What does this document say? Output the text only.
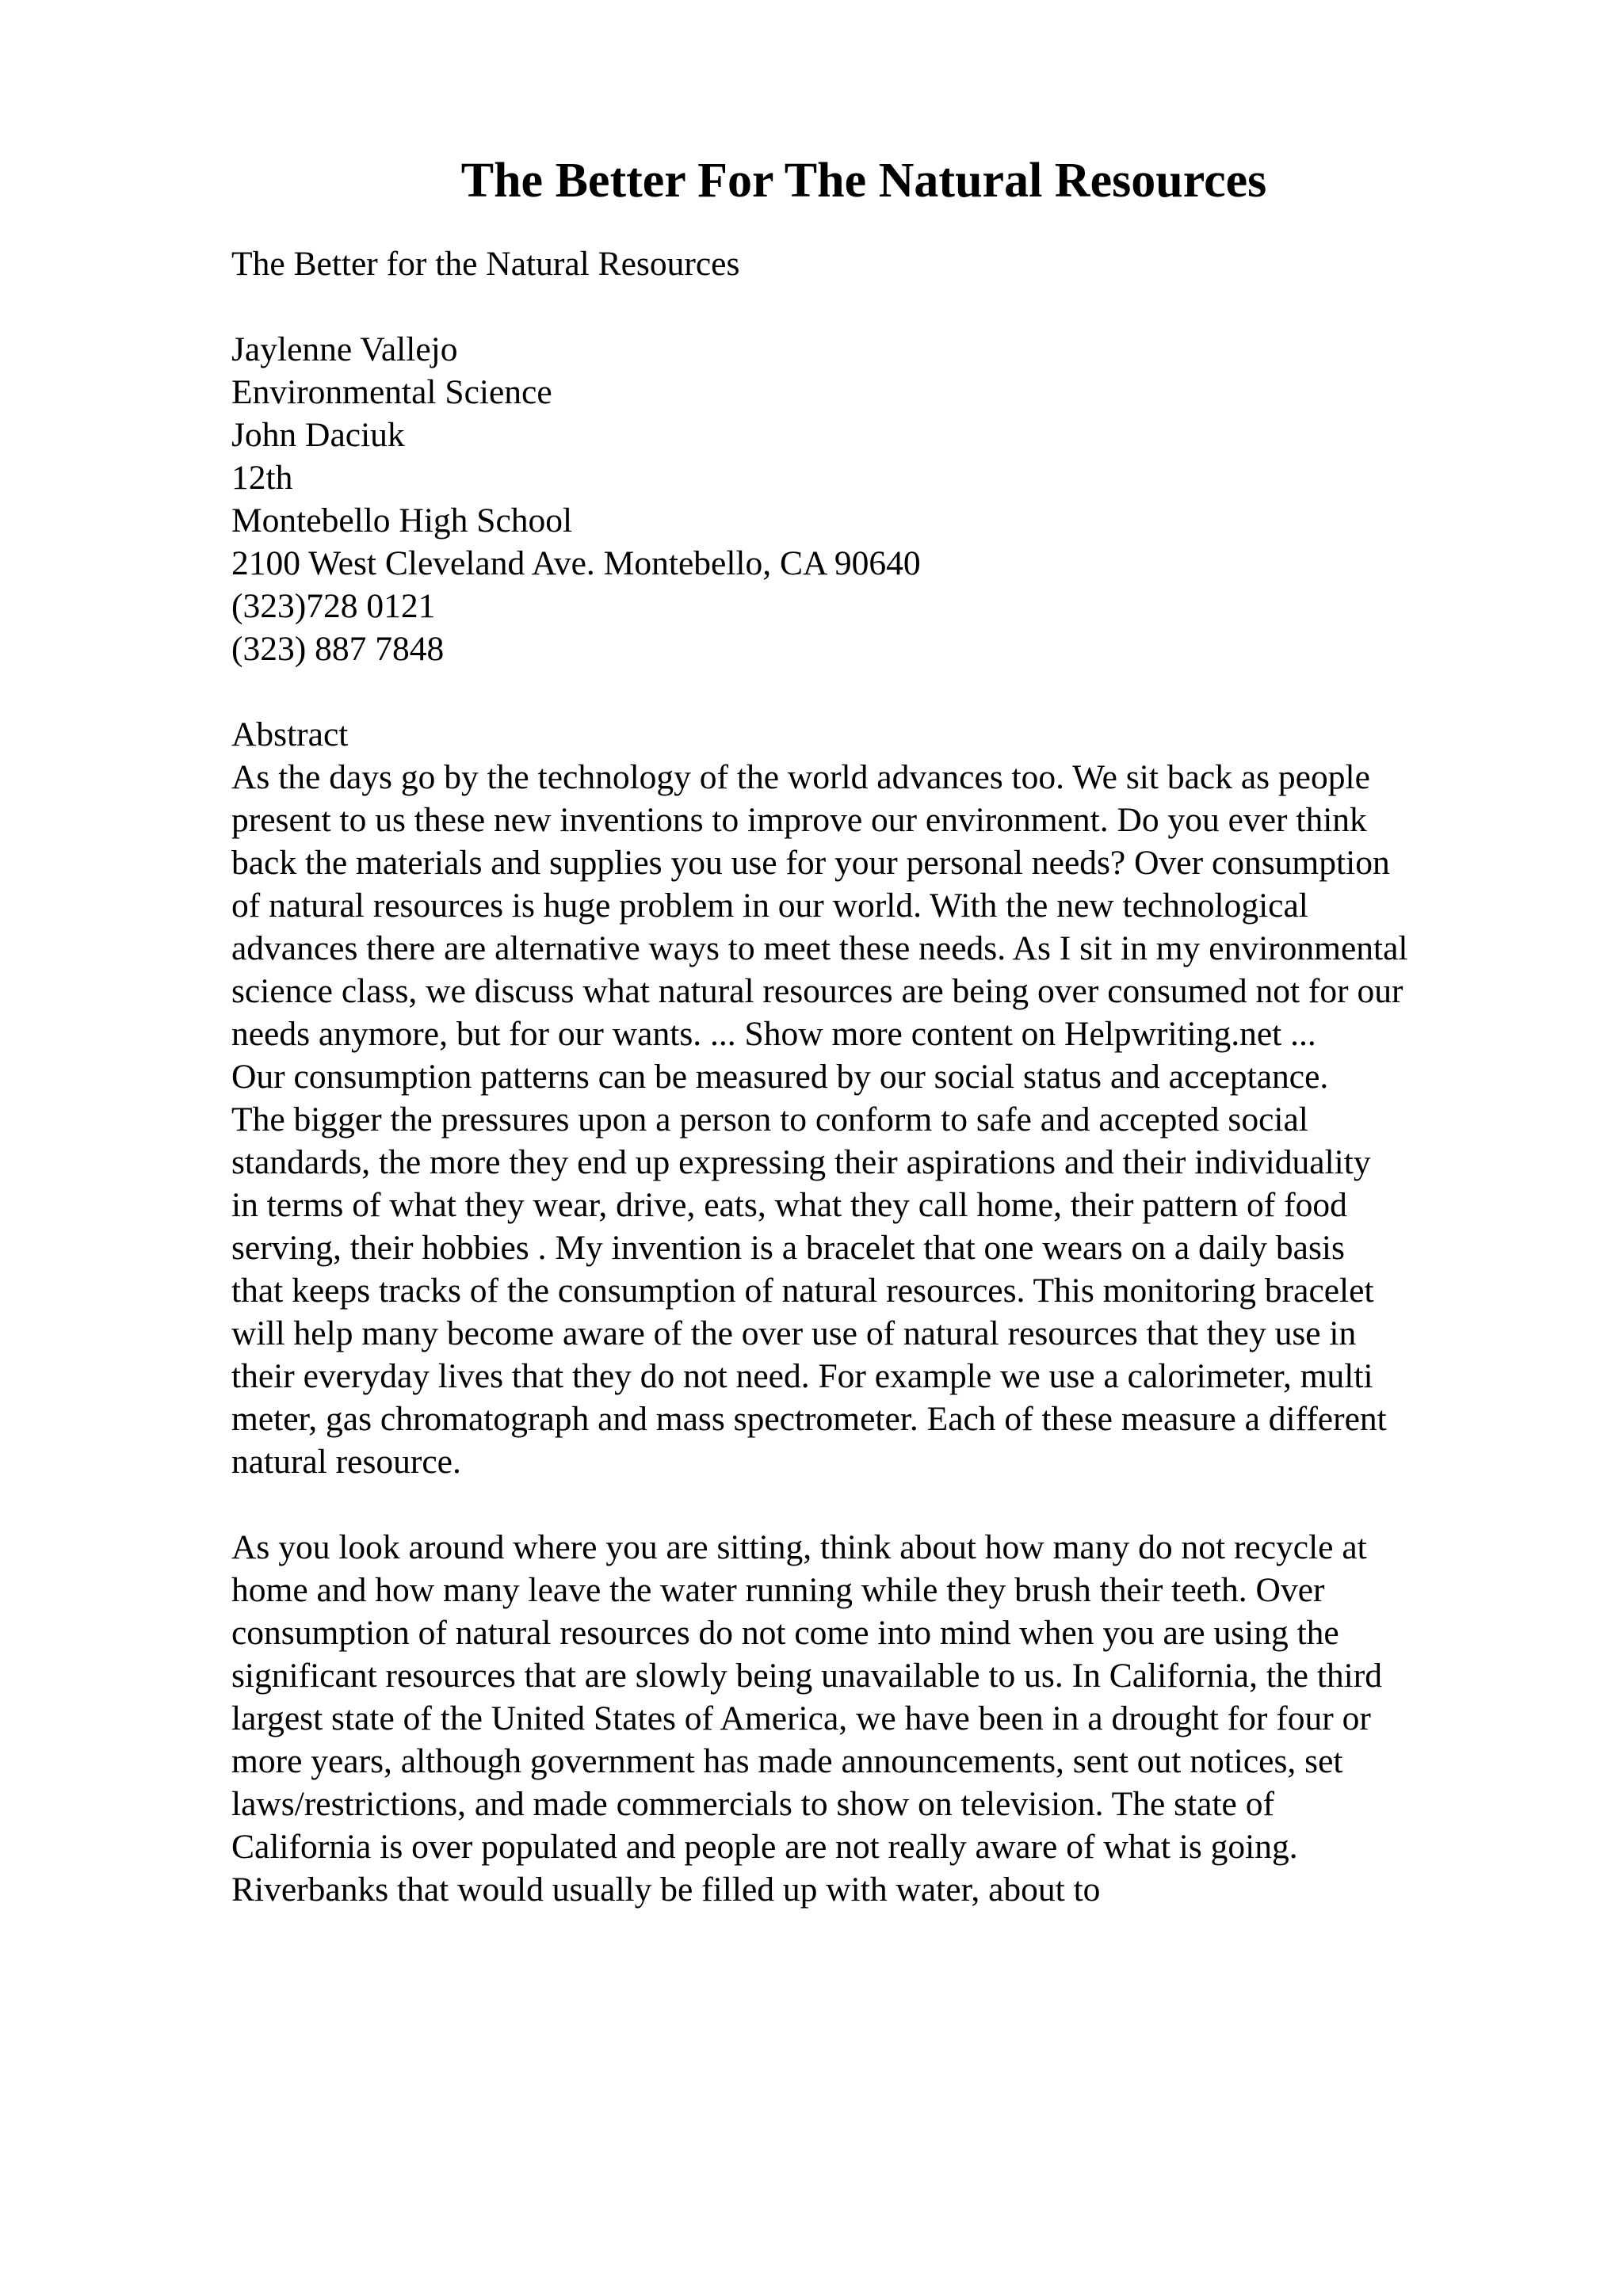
The Better For The Natural Resources
The Better for the Natural Resources
Jaylenne Vallejo
Environmental Science
John Daciuk
12th
Montebello High School
2100 West Cleveland Ave. Montebello, CA 90640
(323)728 0121
(323) 887 7848
Abstract
As the days go by the technology of the world advances too. We sit back as people
present to us these new inventions to improve our environment. Do you ever think
back the materials and supplies you use for your personal needs? Over consumption
of natural resources is huge problem in our world. With the new technological
advances there are alternative ways to meet these needs. As I sit in my environmental
science class, we discuss what natural resources are being over consumed not for our
needs anymore, but for our wants. ... Show more content on Helpwriting.net ...
Our consumption patterns can be measured by our social status and acceptance.
The bigger the pressures upon a person to conform to safe and accepted social
standards, the more they end up expressing their aspirations and their individuality
in terms of what they wear, drive, eats, what they call home, their pattern of food
serving, their hobbies . My invention is a bracelet that one wears on a daily basis
that keeps tracks of the consumption of natural resources. This monitoring bracelet
will help many become aware of the over use of natural resources that they use in
their everyday lives that they do not need. For example we use a calorimeter, multi
meter, gas chromatograph and mass spectrometer. Each of these measure a different
natural resource.
As you look around where you are sitting, think about how many do not recycle at
home and how many leave the water running while they brush their teeth. Over
consumption of natural resources do not come into mind when you are using the
significant resources that are slowly being unavailable to us. In California, the third
largest state of the United States of America, we have been in a drought for four or
more years, although government has made announcements, sent out notices, set
laws/restrictions, and made commercials to show on television. The state of
California is over populated and people are not really aware of what is going.
Riverbanks that would usually be filled up with water, about to
